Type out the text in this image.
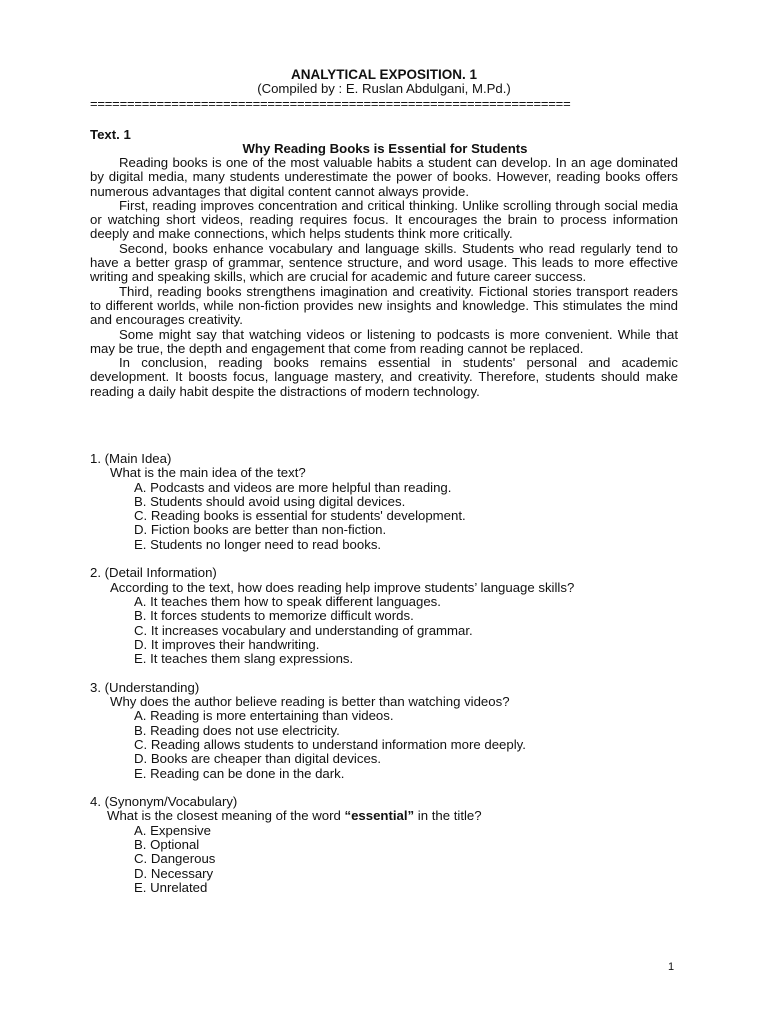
ANALYTICAL EXPOSITION. 1
(Compiled by : E. Ruslan Abdulgani, M.Pd.)
=================================================================
Text. 1
Why Reading Books is Essential for Students

Reading books is one of the most valuable habits a student can develop. In an age dominated by digital media, many students underestimate the power of books. However, reading books offers numerous advantages that digital content cannot always provide.

First, reading improves concentration and critical thinking. Unlike scrolling through social media or watching short videos, reading requires focus. It encourages the brain to process information deeply and make connections, which helps students think more critically.

Second, books enhance vocabulary and language skills. Students who read regularly tend to have a better grasp of grammar, sentence structure, and word usage. This leads to more effective writing and speaking skills, which are crucial for academic and future career success.

Third, reading books strengthens imagination and creativity. Fictional stories transport readers to different worlds, while non-fiction provides new insights and knowledge. This stimulates the mind and encourages creativity.

Some might say that watching videos or listening to podcasts is more convenient. While that may be true, the depth and engagement that come from reading cannot be replaced.

In conclusion, reading books remains essential in students' personal and academic development. It boosts focus, language mastery, and creativity. Therefore, students should make reading a daily habit despite the distractions of modern technology.

1. (Main Idea)
What is the main idea of the text?
A. Podcasts and videos are more helpful than reading.
B. Students should avoid using digital devices.
C. Reading books is essential for students' development.
D. Fiction books are better than non-fiction.
E. Students no longer need to read books.
2. (Detail Information)
According to the text, how does reading help improve students’ language skills?
A. It teaches them how to speak different languages.
B. It forces students to memorize difficult words.
C. It increases vocabulary and understanding of grammar.
D. It improves their handwriting.
E. It teaches them slang expressions.
3. (Understanding)
Why does the author believe reading is better than watching videos?
A. Reading is more entertaining than videos.
B. Reading does not use electricity.
C. Reading allows students to understand information more deeply.
D. Books are cheaper than digital devices.
E. Reading can be done in the dark.
4. (Synonym/Vocabulary)
What is the closest meaning of the word “essential” in the title?
A. Expensive
B. Optional
C. Dangerous
D. Necessary
E. Unrelated
1
